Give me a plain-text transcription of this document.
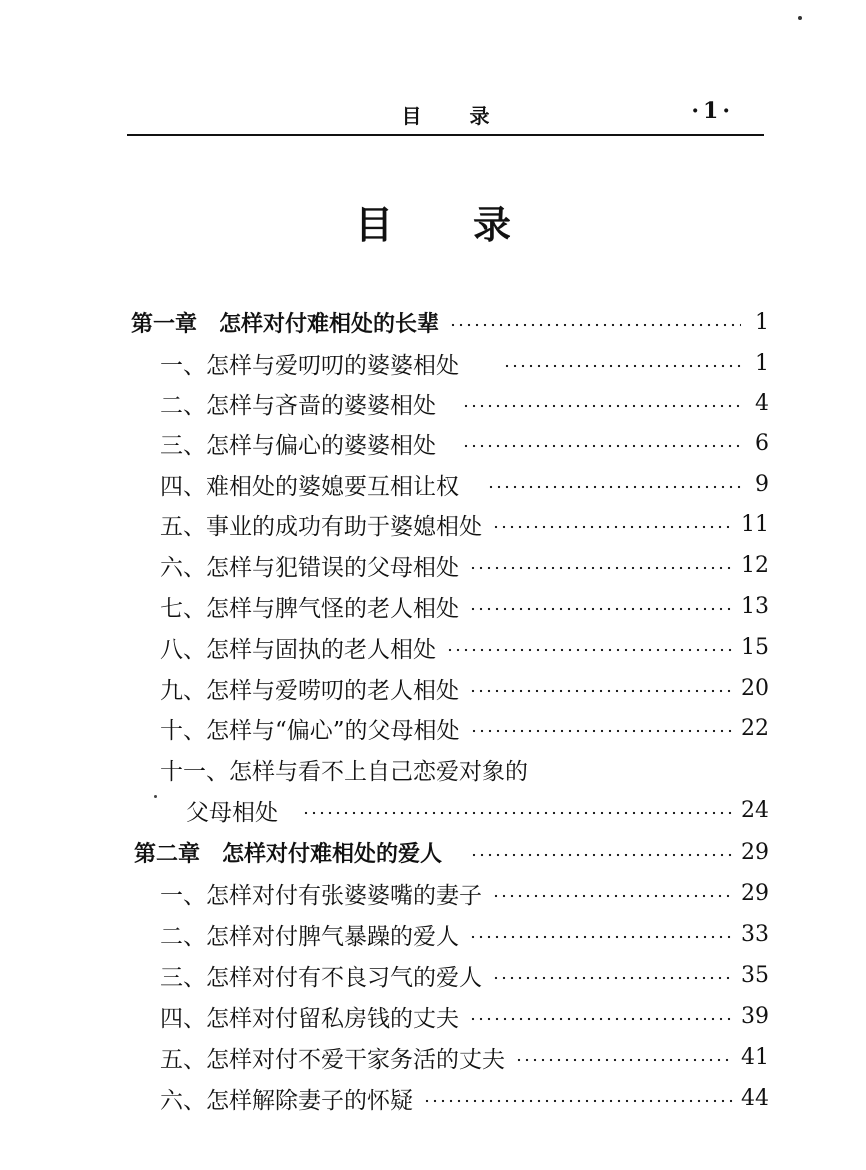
目 录	·1·
目 录
第一章　怎样对付难相处的长辈	1
一、怎样与爱叨叨的婆婆相处	1
二、怎样与吝啬的婆婆相处	4
三、怎样与偏心的婆婆相处	6
四、难相处的婆媳要互相让权	9
五、事业的成功有助于婆媳相处	11
六、怎样与犯错误的父母相处	12
七、怎样与脾气怪的老人相处	13
八、怎样与固执的老人相处	15
九、怎样与爱唠叨的老人相处	20
十、怎样与“偏心”的父母相处	22
十一、怎样与看不上自己恋爱对象的
父母相处	24
第二章　怎样对付难相处的爱人	29
一、怎样对付有张婆婆嘴的妻子	29
二、怎样对付脾气暴躁的爱人	33
三、怎样对付有不良习气的爱人	35
四、怎样对付留私房钱的丈夫	39
五、怎样对付不爱干家务活的丈夫	41
六、怎样解除妻子的怀疑	44
